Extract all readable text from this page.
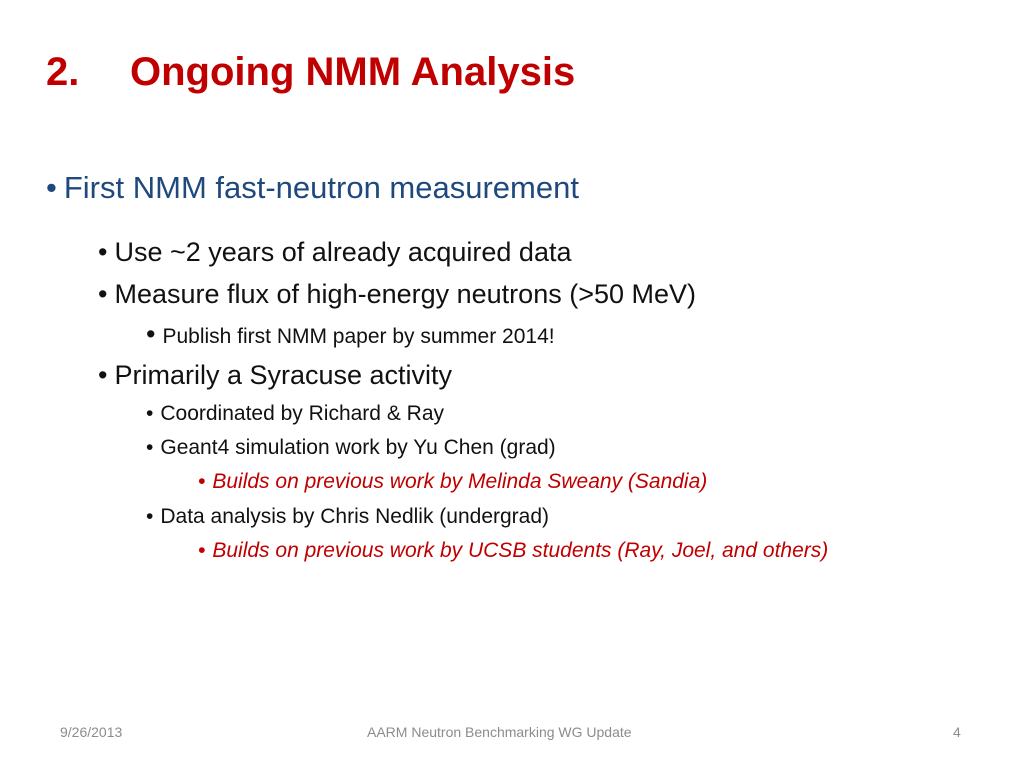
2.	Ongoing NMM Analysis
• First NMM fast-neutron measurement
• Use ~2 years of already acquired data
• Measure flux of high-energy neutrons (>50 MeV)
• Publish first NMM paper by summer 2014!
• Primarily a Syracuse activity
• Coordinated by Richard & Ray
• Geant4 simulation work by Yu Chen (grad)
• Builds on previous work by Melinda Sweany (Sandia)
• Data analysis by Chris Nedlik (undergrad)
• Builds on previous work by UCSB students (Ray, Joel, and others)
9/26/2013	AARM Neutron Benchmarking WG Update	4
